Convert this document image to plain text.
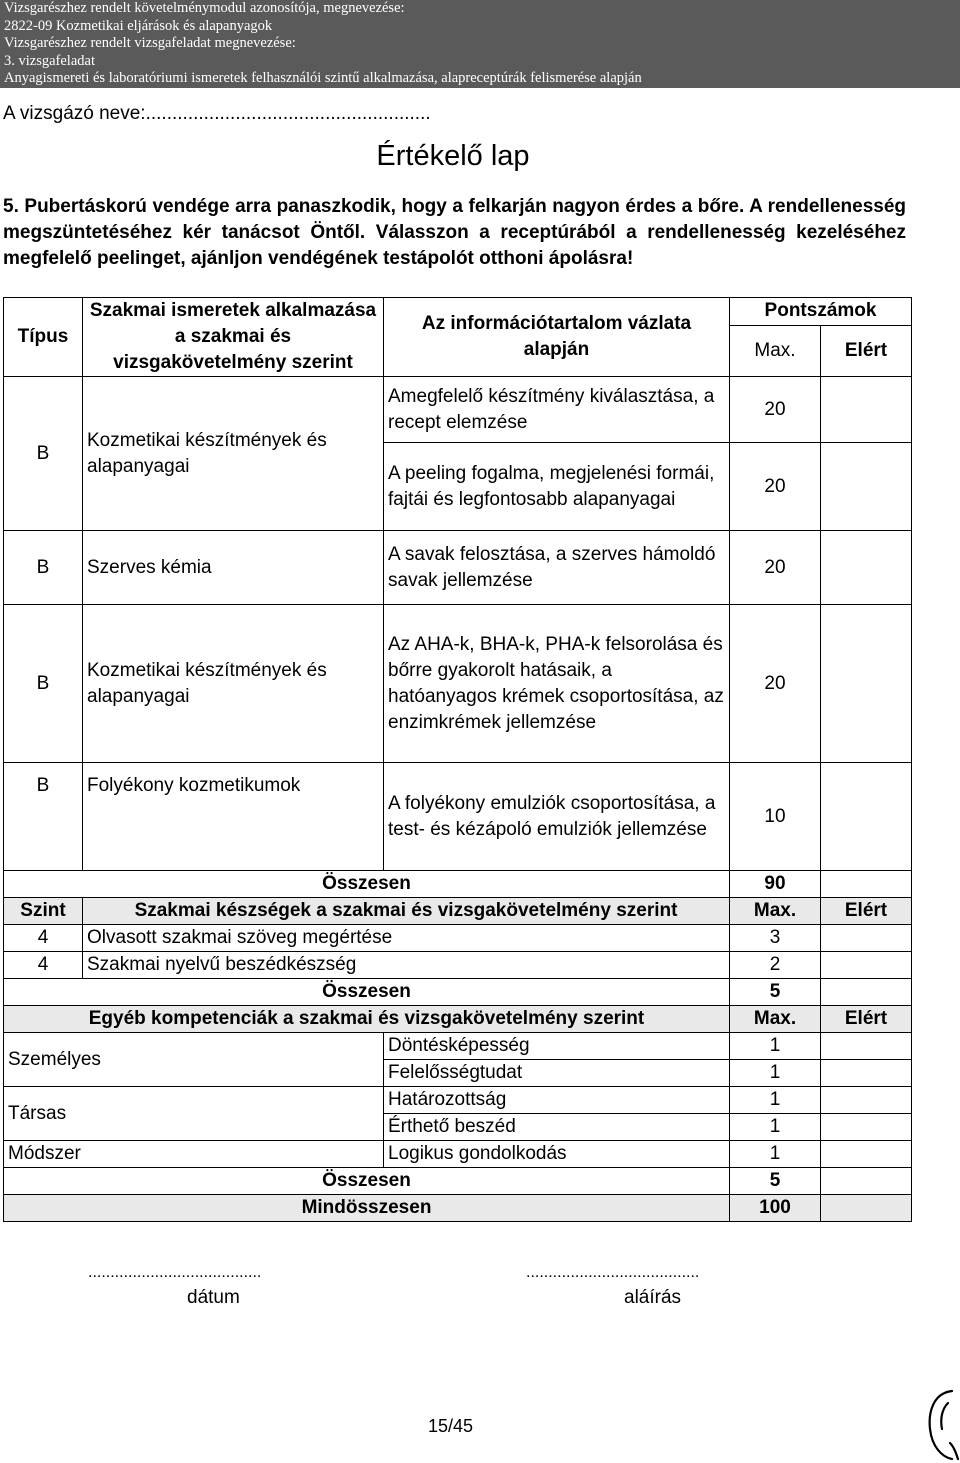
Vizsgarészhez rendelt követelménymodul azonosítója, megnevezése:
2822-09 Kozmetikai eljárások és alapanyagok
Vizsgarészhez rendelt vizsgafeladat megnevezése:
3. vizsgafeladat
Anyagismereti és laboratóriumi ismeretek felhasználói szintű alkalmazása, alapreceptúrák felismerése alapján
A vizsgázó neve:......................................................
Értékelő lap
5. Pubertáskorú vendége arra panaszkodik, hogy a felkarján nagyon érdes a bőre. A rendellenesség megszüntetéséhez kér tanácsot Öntől. Válasszon a receptúrából a rendellenesség kezeléséhez megfelelő peelinget, ajánljon vendégének testápolót otthoni ápolásra!
Típus	Szakmai ismeretek alkalmazása a szakmai és vizsgakövetelmény szerint	Az információtartalom vázlata alapján	Pontszámok	
			Max.	Elért
B	Kozmetikai készítmények és alapanyagai	Amegfelelő készítmény kiválasztása, a recept elemzése	20	
		A peeling fogalma, megjelenési formái, fajtái és legfontosabb alapanyagai	20	
B	Szerves kémia	A savak felosztása, a szerves hámoldó savak jellemzése	20	
B	Kozmetikai készítmények és alapanyagai	Az AHA-k, BHA-k, PHA-k felsorolása és bőrre gyakorolt hatásaik, a hatóanyagos krémek csoportosítása, az enzimkrémek jellemzése	20	
B	Folyékony kozmetikumok	A folyékony emulziók csoportosítása, a test- és kézápoló emulziók jellemzése	10	
Összesen			90	
Szint	Szakmai készségek a szakmai és vizsgakövetelmény szerint		Max.	Elért
4	Olvasott szakmai szöveg megértése		3	
4	Szakmai nyelvű beszédkészség		2	
Összesen			5	
Egyéb kompetenciák a szakmai és vizsgakövetelmény szerint			Max.	Elért
Személyes		Döntésképesség	1	
		Felelősségtudat	1	
Társas		Határozottság	1	
		Érthető beszéd	1	
Módszer		Logikus gondolkodás	1	
Összesen			5	
Mindösszesen			100	
.......................................	.......................................
dátum	aláírás
15/45
